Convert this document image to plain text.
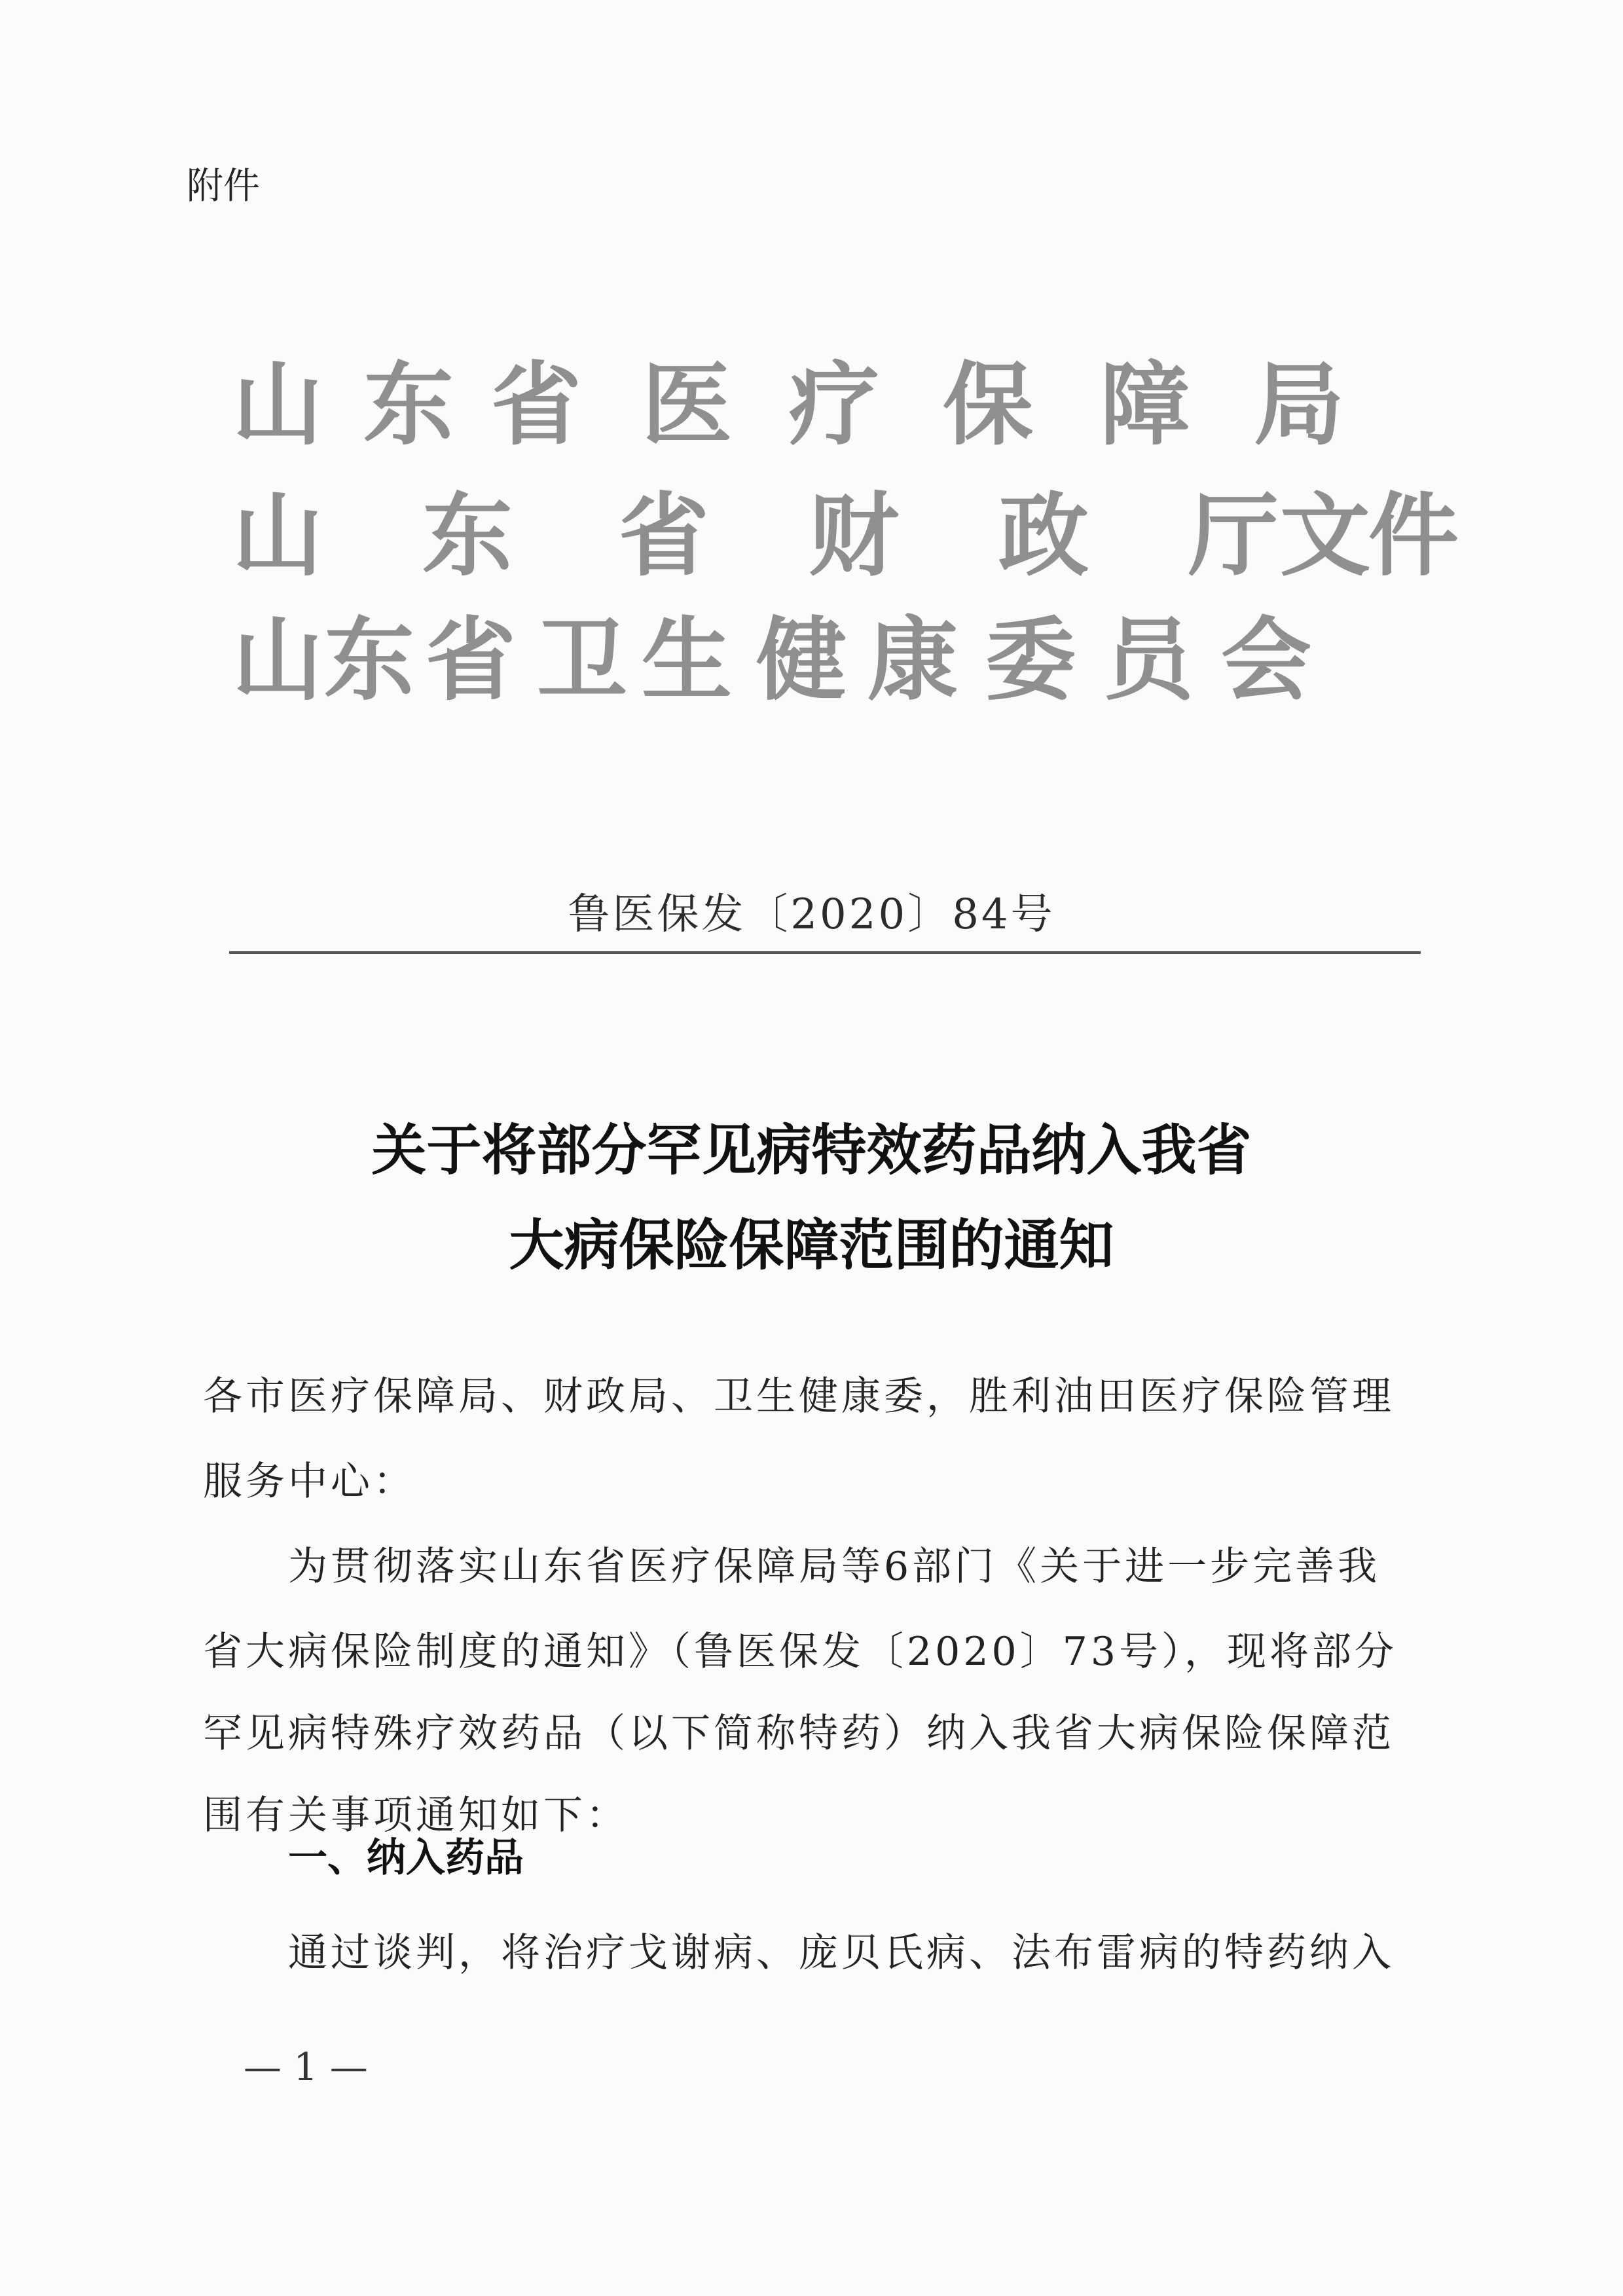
附件
山 东 省 医 疗 保 障 局
山 东 省 财 政 厅 文
件
山 东 省 卫 生 健 康 委 员 会
鲁医保发〔2020〕84号
关于将部分罕见病特效药品纳入我省
大病保险保障范围的通知
各市医疗保障局、财政局、卫生健康委，胜利油田医疗保险管理
服务中心：
　　为贯彻落实山东省医疗保障局等6部门《关于进一步完善我
省大病保险制度的通知》（鲁医保发〔2020〕73号），现将部分
罕见病特殊疗效药品（以下简称特药）纳入我省大病保险保障范
围有关事项通知如下：
一、纳入药品
　　通过谈判，将治疗戈谢病、庞贝氏病、法布雷病的特药纳入
— 1 —
